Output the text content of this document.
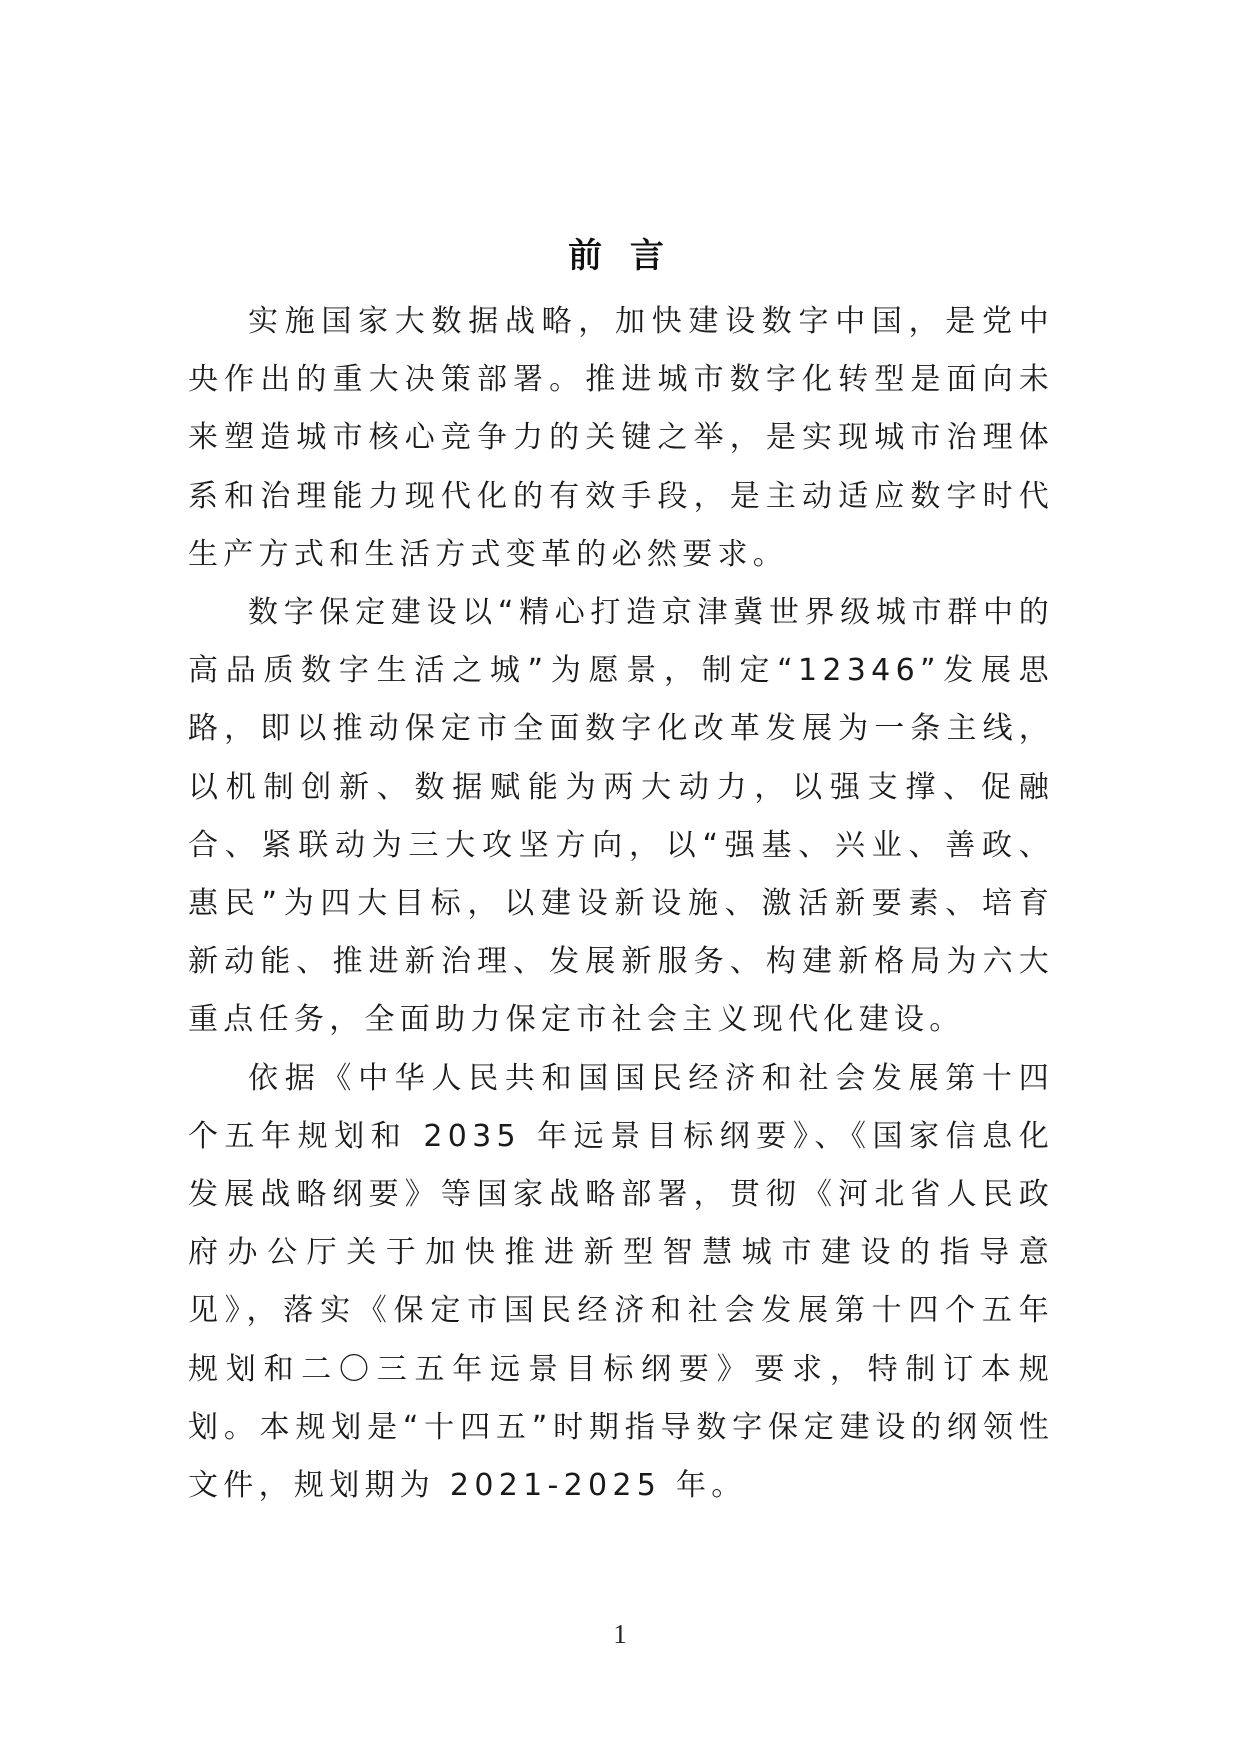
前 言

实施国家大数据战略，加快建设数字中国，是党中央作出的重大决策部署。推进城市数字化转型是面向未来塑造城市核心竞争力的关键之举，是实现城市治理体系和治理能力现代化的有效手段，是主动适应数字时代生产方式和生活方式变革的必然要求。

数字保定建设以“精心打造京津冀世界级城市群中的高品质数字生活之城”为愿景，制定“12346”发展思路，即以推动保定市全面数字化改革发展为一条主线，以机制创新、数据赋能为两大动力，以强支撑、促融合、紧联动为三大攻坚方向，以“强基、兴业、善政、惠民”为四大目标，以建设新设施、激活新要素、培育新动能、推进新治理、发展新服务、构建新格局为六大重点任务，全面助力保定市社会主义现代化建设。

依据《中华人民共和国国民经济和社会发展第十四个五年规划和 2035 年远景目标纲要》、《国家信息化发展战略纲要》等国家战略部署，贯彻《河北省人民政府办公厅关于加快推进新型智慧城市建设的指导意见》，落实《保定市国民经济和社会发展第十四个五年规划和二〇三五年远景目标纲要》要求，特制订本规划。本规划是“十四五”时期指导数字保定建设的纲领性文件，规划期为 2021-2025 年。

1
